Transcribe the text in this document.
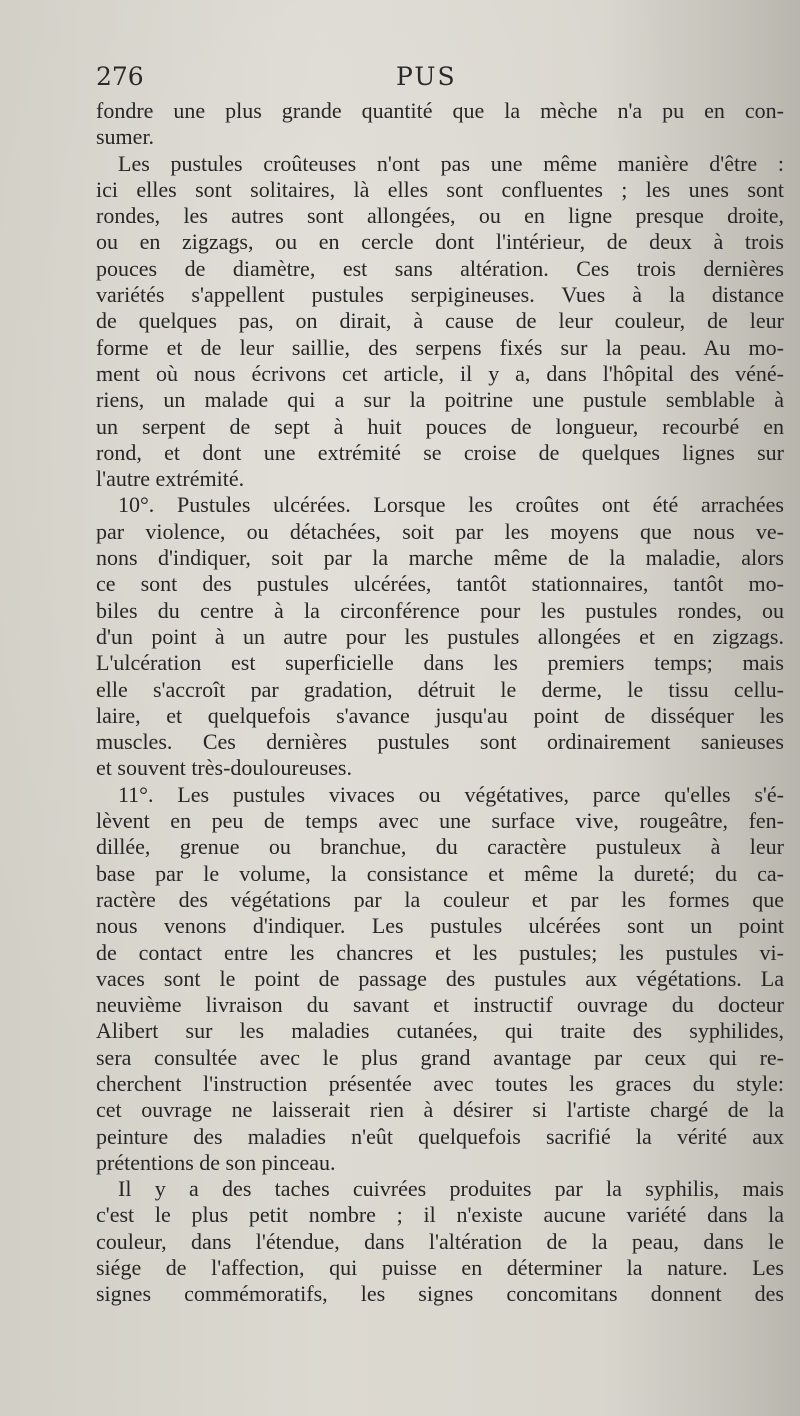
276	PUS
fondre une plus grande quantité que la mèche n'a pu en con-
sumer.
Les pustules croûteuses n'ont pas une même manière d'être :
ici elles sont solitaires, là elles sont confluentes ; les unes sont
rondes, les autres sont allongées, ou en ligne presque droite,
ou en zigzags, ou en cercle dont l'intérieur, de deux à trois
pouces de diamètre, est sans altération. Ces trois dernières
variétés s'appellent pustules serpigineuses. Vues à la distance
de quelques pas, on dirait, à cause de leur couleur, de leur
forme et de leur saillie, des serpens fixés sur la peau. Au mo-
ment où nous écrivons cet article, il y a, dans l'hôpital des véné-
riens, un malade qui a sur la poitrine une pustule semblable à
un serpent de sept à huit pouces de longueur, recourbé en
rond, et dont une extrémité se croise de quelques lignes sur
l'autre extrémité.
10°. Pustules ulcérées. Lorsque les croûtes ont été arrachées
par violence, ou détachées, soit par les moyens que nous ve-
nons d'indiquer, soit par la marche même de la maladie, alors
ce sont des pustules ulcérées, tantôt stationnaires, tantôt mo-
biles du centre à la circonférence pour les pustules rondes, ou
d'un point à un autre pour les pustules allongées et en zigzags.
L'ulcération est superficielle dans les premiers temps; mais
elle s'accroît par gradation, détruit le derme, le tissu cellu-
laire, et quelquefois s'avance jusqu'au point de disséquer les
muscles. Ces dernières pustules sont ordinairement sanieuses
et souvent très-douloureuses.
11°. Les pustules vivaces ou végétatives, parce qu'elles s'é-
lèvent en peu de temps avec une surface vive, rougeâtre, fen-
dillée, grenue ou branchue, du caractère pustuleux à leur
base par le volume, la consistance et même la dureté; du ca-
ractère des végétations par la couleur et par les formes que
nous venons d'indiquer. Les pustules ulcérées sont un point
de contact entre les chancres et les pustules; les pustules vi-
vaces sont le point de passage des pustules aux végétations. La
neuvième livraison du savant et instructif ouvrage du docteur
Alibert sur les maladies cutanées, qui traite des syphilides,
sera consultée avec le plus grand avantage par ceux qui re-
cherchent l'instruction présentée avec toutes les graces du style:
cet ouvrage ne laisserait rien à désirer si l'artiste chargé de la
peinture des maladies n'eût quelquefois sacrifié la vérité aux
prétentions de son pinceau.
Il y a des taches cuivrées produites par la syphilis, mais
c'est le plus petit nombre ; il n'existe aucune variété dans la
couleur, dans l'étendue, dans l'altération de la peau, dans le
siége de l'affection, qui puisse en déterminer la nature. Les
signes commémoratifs, les signes concomitans donnent des
